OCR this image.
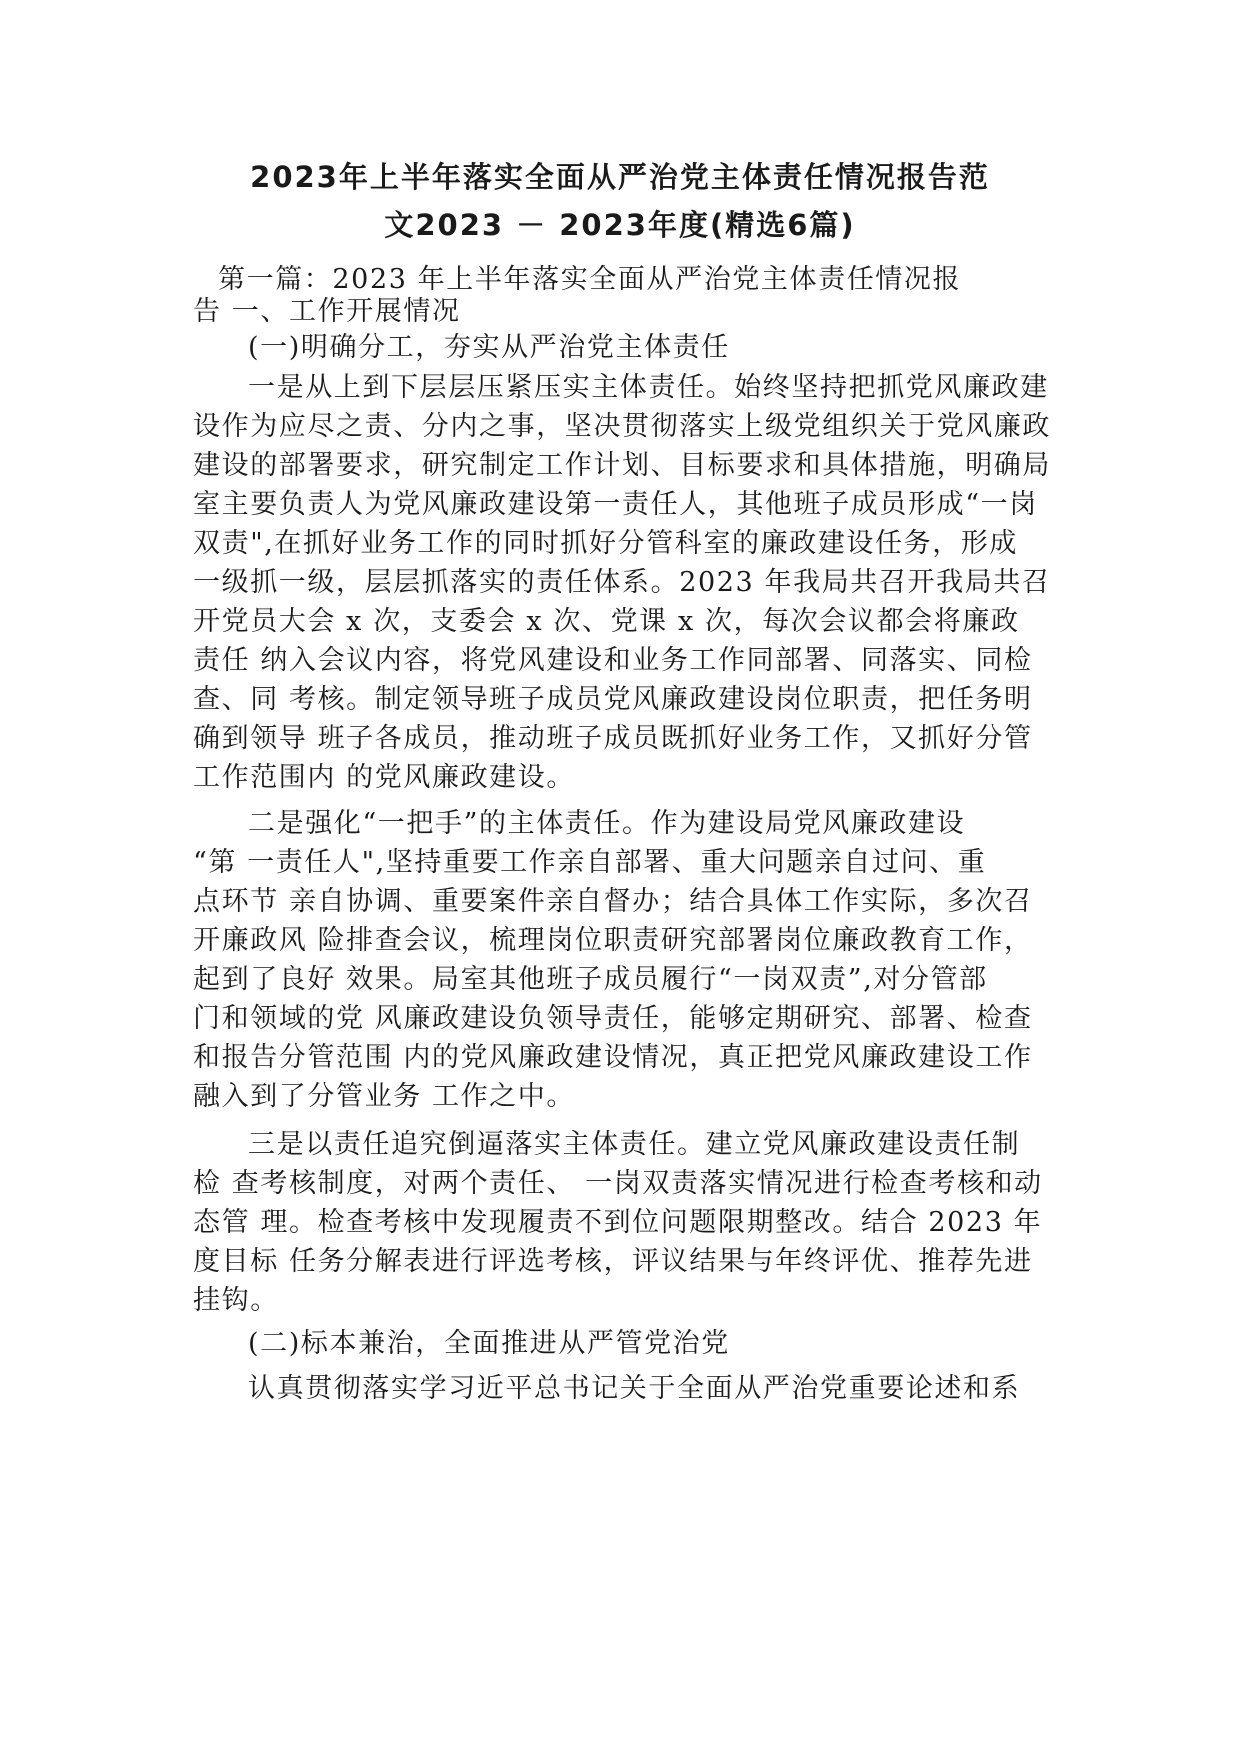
2023年上半年落实全面从严治党主体责任情况报告范
文2023 － 2023年度(精选6篇)

第一篇：2023 年上半年落实全面从严治党主体责任情况报

告 一、工作开展情况

(一)明确分工，夯实从严治党主体责任

一是从上到下层层压紧压实主体责任。始终坚持把抓党风廉政建

设作为应尽之责、分内之事，坚决贯彻落实上级党组织关于党风廉政

建设的部署要求，研究制定工作计划、目标要求和具体措施，明确局

室主要负责人为党风廉政建设第一责任人，其他班子成员形成“一岗

双责",在抓好业务工作的同时抓好分管科室的廉政建设任务，形成

一级抓一级，层层抓落实的责任体系。2023 年我局共召开我局共召

开党员大会 x 次，支委会 x 次、党课 x 次，每次会议都会将廉政

责任 纳入会议内容，将党风建设和业务工作同部署、同落实、同检

查、同 考核。制定领导班子成员党风廉政建设岗位职责，把任务明

确到领导 班子各成员，推动班子成员既抓好业务工作，又抓好分管

工作范围内 的党风廉政建设。

二是强化“一把手”的主体责任。作为建设局党风廉政建设

“第 一责任人",坚持重要工作亲自部署、重大问题亲自过问、重

点环节 亲自协调、重要案件亲自督办；结合具体工作实际，多次召

开廉政风 险排查会议，梳理岗位职责研究部署岗位廉政教育工作，

起到了良好 效果。局室其他班子成员履行“一岗双责”,对分管部

门和领域的党 风廉政建设负领导责任，能够定期研究、部署、检查

和报告分管范围 内的党风廉政建设情况，真正把党风廉政建设工作

融入到了分管业务 工作之中。

三是以责任追究倒逼落实主体责任。建立党风廉政建设责任制

检 查考核制度，对两个责任、 一岗双责落实情况进行检查考核和动

态管 理。检查考核中发现履责不到位问题限期整改。结合 2023 年

度目标 任务分解表进行评选考核，评议结果与年终评优、推荐先进

挂钩。

(二)标本兼治，全面推进从严管党治党

认真贯彻落实学习近平总书记关于全面从严治党重要论述和系
